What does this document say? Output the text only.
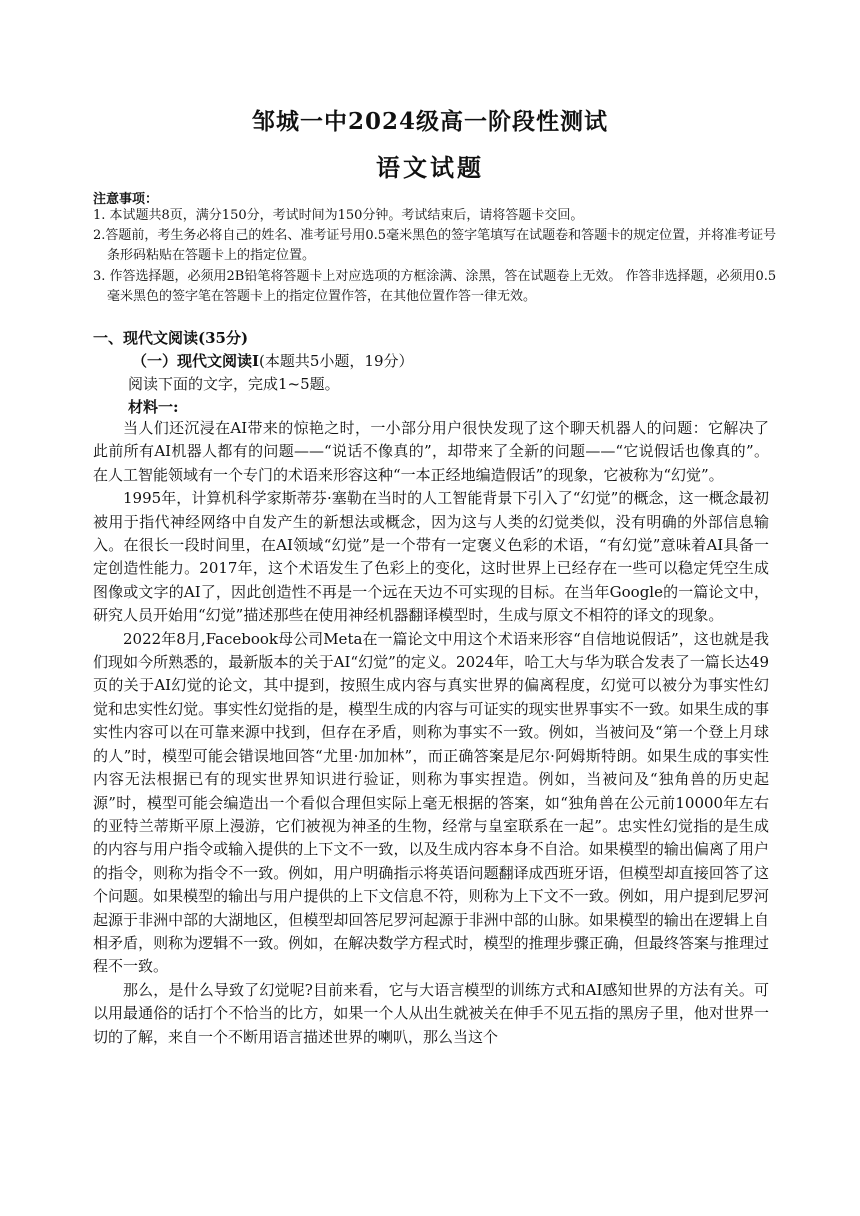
邹城一中2024级高一阶段性测试
语文试题
注意事项：
1. 本试题共8页，满分150分，考试时间为150分钟。考试结束后，请将答题卡交回。
2.答题前，考生务必将自己的姓名、准考证号用0.5毫米黑色的签字笔填写在试题卷和答题卡的规定位置，并将准考证号条形码粘贴在答题卡上的指定位置。
3. 作答选择题，必须用2B铅笔将答题卡上对应选项的方框涂满、涂黑，答在试题卷上无效。 作答非选择题，必须用0.5毫米黑色的签字笔在答题卡上的指定位置作答，在其他位置作答一律无效。
一、现代文阅读(35分)
（一）现代文阅读Ⅰ(本题共5小题，19分）
阅读下面的文字，完成1~5题。
材料一:

当人们还沉浸在AI带来的惊艳之时，一小部分用户很快发现了这个聊天机器人的问题：它解决了此前所有AI机器人都有的问题——“说话不像真的”，却带来了全新的问题——“它说假话也像真的”。在人工智能领域有一个专门的术语来形容这种“一本正经地编造假话”的现象，它被称为“幻觉”。

1995年，计算机科学家斯蒂芬·塞勒在当时的人工智能背景下引入了“幻觉”的概念，这一概念最初被用于指代神经网络中自发产生的新想法或概念，因为这与人类的幻觉类似，没有明确的外部信息输入。在很长一段时间里，在AI领域“幻觉”是一个带有一定褒义色彩的术语，“有幻觉”意味着AI具备一定创造性能力。2017年，这个术语发生了色彩上的变化，这时世界上已经存在一些可以稳定凭空生成图像或文字的AI了，因此创造性不再是一个远在天边不可实现的目标。在当年Google的一篇论文中，研究人员开始用“幻觉”描述那些在使用神经机器翻译模型时，生成与原文不相符的译文的现象。

2022年8月,Facebook母公司Meta在一篇论文中用这个术语来形容“自信地说假话”，这也就是我们现如今所熟悉的，最新版本的关于AI“幻觉”的定义。2024年，哈工大与华为联合发表了一篇长达49页的关于AI幻觉的论文，其中提到，按照生成内容与真实世界的偏离程度，幻觉可以被分为事实性幻觉和忠实性幻觉。事实性幻觉指的是，模型生成的内容与可证实的现实世界事实不一致。如果生成的事实性内容可以在可靠来源中找到，但存在矛盾，则称为事实不一致。例如，当被问及“第一个登上月球的人”时，模型可能会错误地回答“尤里·加加林”，而正确答案是尼尔·阿姆斯特朗。如果生成的事实性内容无法根据已有的现实世界知识进行验证，则称为事实捏造。例如，当被问及“独角兽的历史起源”时，模型可能会编造出一个看似合理但实际上毫无根据的答案，如“独角兽在公元前10000年左右的亚特兰蒂斯平原上漫游，它们被视为神圣的生物，经常与皇室联系在一起”。忠实性幻觉指的是生成的内容与用户指令或输入提供的上下文不一致，以及生成内容本身不自洽。如果模型的输出偏离了用户的指令，则称为指令不一致。例如，用户明确指示将英语问题翻译成西班牙语，但模型却直接回答了这个问题。如果模型的输出与用户提供的上下文信息不符，则称为上下文不一致。例如，用户提到尼罗河起源于非洲中部的大湖地区，但模型却回答尼罗河起源于非洲中部的山脉。如果模型的输出在逻辑上自相矛盾，则称为逻辑不一致。例如，在解决数学方程式时，模型的推理步骤正确，但最终答案与推理过程不一致。

那么，是什么导致了幻觉呢?目前来看，它与大语言模型的训练方式和AI感知世界的方法有关。可以用最通俗的话打个不恰当的比方，如果一个人从出生就被关在伸手不见五指的黑房子里，他对世界一切的了解，来自一个不断用语言描述世界的喇叭，那么当这个
